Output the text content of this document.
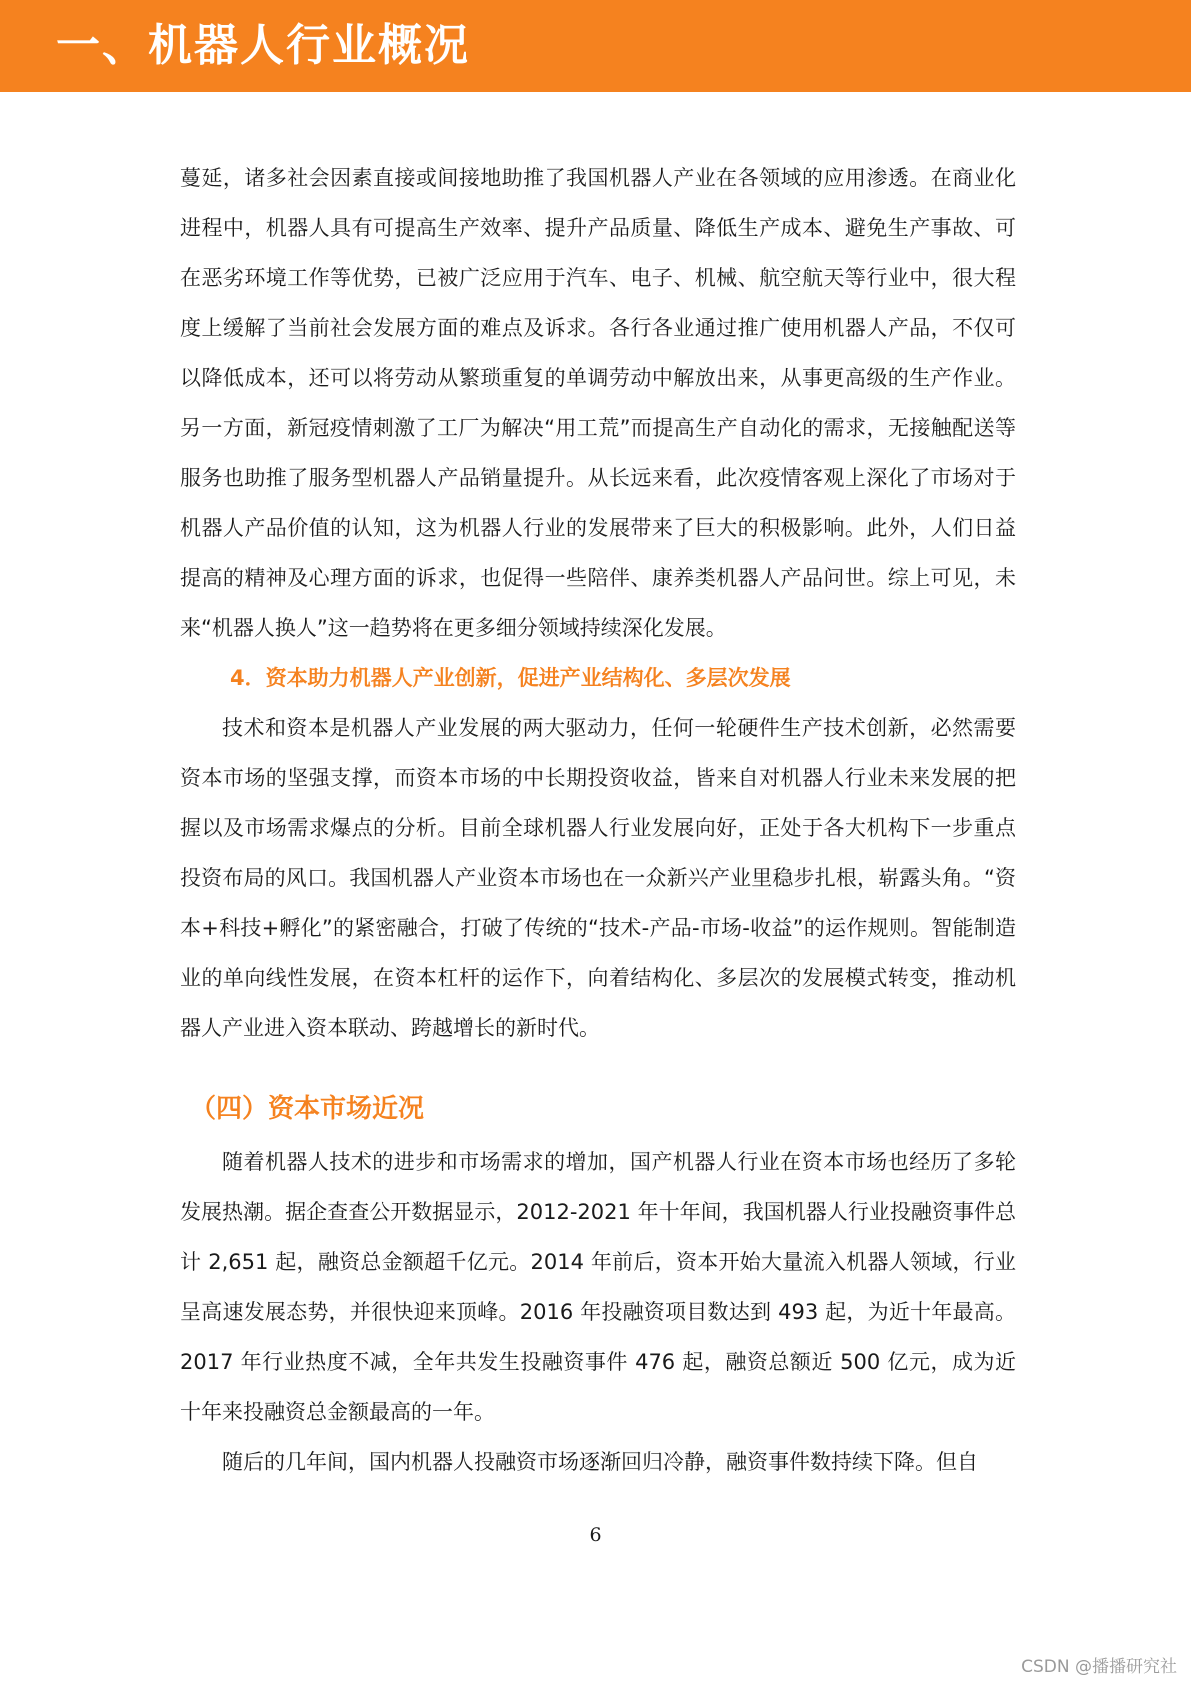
一、机器人行业概况

蔓延，诸多社会因素直接或间接地助推了我国机器人产业在各领域的应用渗透。在商业化进程中，机器人具有可提高生产效率、提升产品质量、降低生产成本、避免生产事故、可在恶劣环境工作等优势，已被广泛应用于汽车、电子、机械、航空航天等行业中，很大程度上缓解了当前社会发展方面的难点及诉求。各行各业通过推广使用机器人产品，不仅可以降低成本，还可以将劳动从繁琐重复的单调劳动中解放出来，从事更高级的生产作业。另一方面，新冠疫情刺激了工厂为解决“用工荒”而提高生产自动化的需求，无接触配送等服务也助推了服务型机器人产品销量提升。从长远来看，此次疫情客观上深化了市场对于机器人产品价值的认知，这为机器人行业的发展带来了巨大的积极影响。此外，人们日益提高的精神及心理方面的诉求，也促得一些陪伴、康养类机器人产品问世。综上可见，未来“机器人换人”这一趋势将在更多细分领域持续深化发展。

4．资本助力机器人产业创新，促进产业结构化、多层次发展

技术和资本是机器人产业发展的两大驱动力，任何一轮硬件生产技术创新，必然需要资本市场的坚强支撑，而资本市场的中长期投资收益，皆来自对机器人行业未来发展的把握以及市场需求爆点的分析。目前全球机器人行业发展向好，正处于各大机构下一步重点投资布局的风口。我国机器人产业资本市场也在一众新兴产业里稳步扎根，崭露头角。“资本+科技+孵化”的紧密融合，打破了传统的“技术-产品-市场-收益”的运作规则。智能制造业的单向线性发展，在资本杠杆的运作下，向着结构化、多层次的发展模式转变，推动机器人产业进入资本联动、跨越增长的新时代。

（四）资本市场近况

随着机器人技术的进步和市场需求的增加，国产机器人行业在资本市场也经历了多轮发展热潮。据企查查公开数据显示，2012-2021 年十年间，我国机器人行业投融资事件总计 2,651 起，融资总金额超千亿元。2014 年前后，资本开始大量流入机器人领域，行业呈高速发展态势，并很快迎来顶峰。2016 年投融资项目数达到 493 起，为近十年最高。2017 年行业热度不减，全年共发生投融资事件 476 起，融资总额近 500 亿元，成为近十年来投融资总金额最高的一年。

随后的几年间，国内机器人投融资市场逐渐回归冷静，融资事件数持续下降。但自

6
CSDN @播播研究社
